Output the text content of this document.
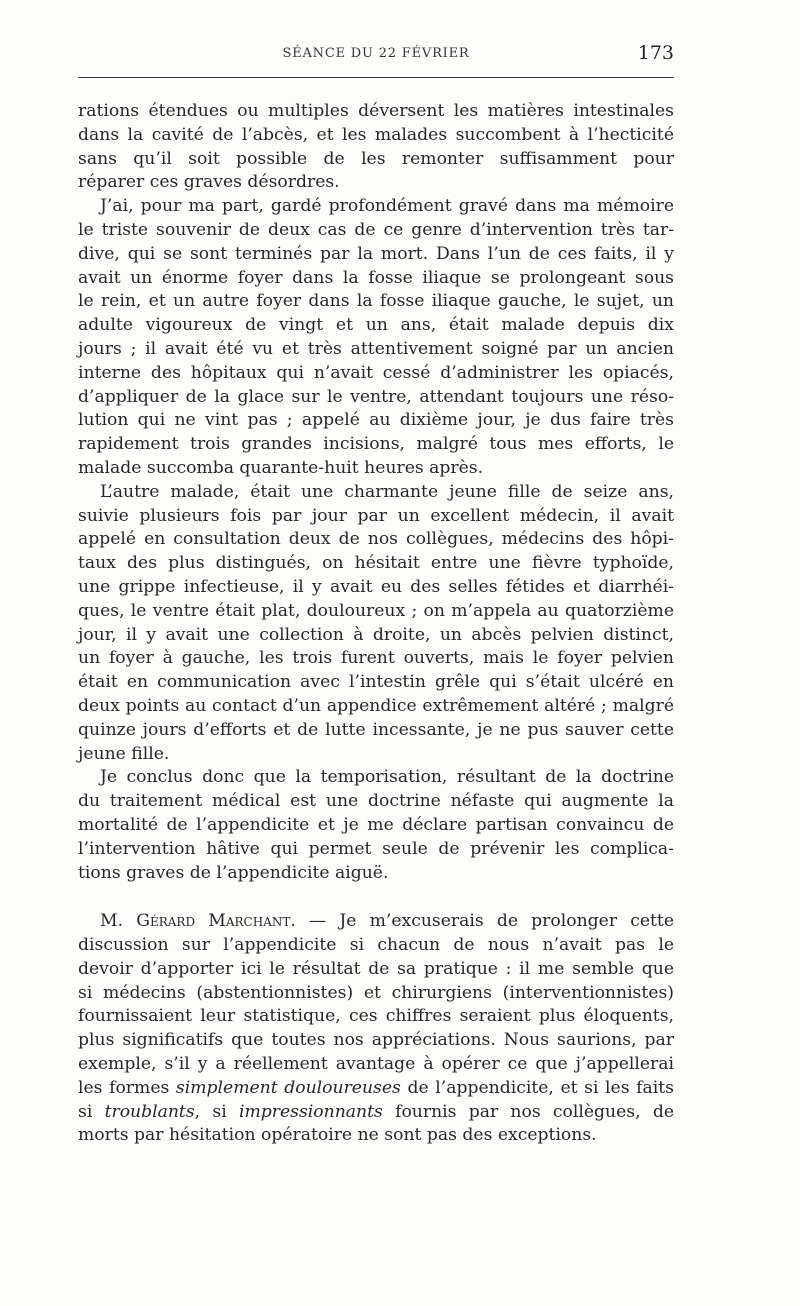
SÉANCE DU 22 FÉVRIER	173
rations étendues ou multiples déversent les matières intestinales
dans la cavité de l’abcès, et les malades succombent à l’hecticité
sans qu’il soit possible de les remonter suffisamment pour
réparer ces graves désordres.
J’ai, pour ma part, gardé profondément gravé dans ma mémoire
le triste souvenir de deux cas de ce genre d’intervention très tar-
dive, qui se sont terminés par la mort. Dans l’un de ces faits, il y
avait un énorme foyer dans la fosse iliaque se prolongeant sous
le rein, et un autre foyer dans la fosse iliaque gauche, le sujet, un
adulte vigoureux de vingt et un ans, était malade depuis dix
jours ; il avait été vu et très attentivement soigné par un ancien
interne des hôpitaux qui n’avait cessé d’administrer les opiacés,
d’appliquer de la glace sur le ventre, attendant toujours une réso-
lution qui ne vint pas ; appelé au dixième jour, je dus faire très
rapidement trois grandes incisions, malgré tous mes efforts, le
malade succomba quarante-huit heures après.
L’autre malade, était une charmante jeune fille de seize ans,
suivie plusieurs fois par jour par un excellent médecin, il avait
appelé en consultation deux de nos collègues, médecins des hôpi-
taux des plus distingués, on hésitait entre une fièvre typhoïde,
une grippe infectieuse, il y avait eu des selles fétides et diarrhéi-
ques, le ventre était plat, douloureux ; on m’appela au quatorzième
jour, il y avait une collection à droite, un abcès pelvien distinct,
un foyer à gauche, les trois furent ouverts, mais le foyer pelvien
était en communication avec l’intestin grêle qui s’était ulcéré en
deux points au contact d’un appendice extrêmement altéré ; malgré
quinze jours d’efforts et de lutte incessante, je ne pus sauver cette
jeune fille.
Je conclus donc que la temporisation, résultant de la doctrine
du traitement médical est une doctrine néfaste qui augmente la
mortalité de l’appendicite et je me déclare partisan convaincu de
l’intervention hâtive qui permet seule de prévenir les complica-
tions graves de l’appendicite aiguë.
M. Gérard Marchant. — Je m’excuserais de prolonger cette
discussion sur l’appendicite si chacun de nous n’avait pas le
devoir d’apporter ici le résultat de sa pratique : il me semble que
si médecins (abstentionnistes) et chirurgiens (interventionnistes)
fournissaient leur statistique, ces chiffres seraient plus éloquents,
plus significatifs que toutes nos appréciations. Nous saurions, par
exemple, s’il y a réellement avantage à opérer ce que j’appellerai
les formes simplement douloureuses de l’appendicite, et si les faits
si troublants, si impressionnants fournis par nos collègues, de
morts par hésitation opératoire ne sont pas des exceptions.
